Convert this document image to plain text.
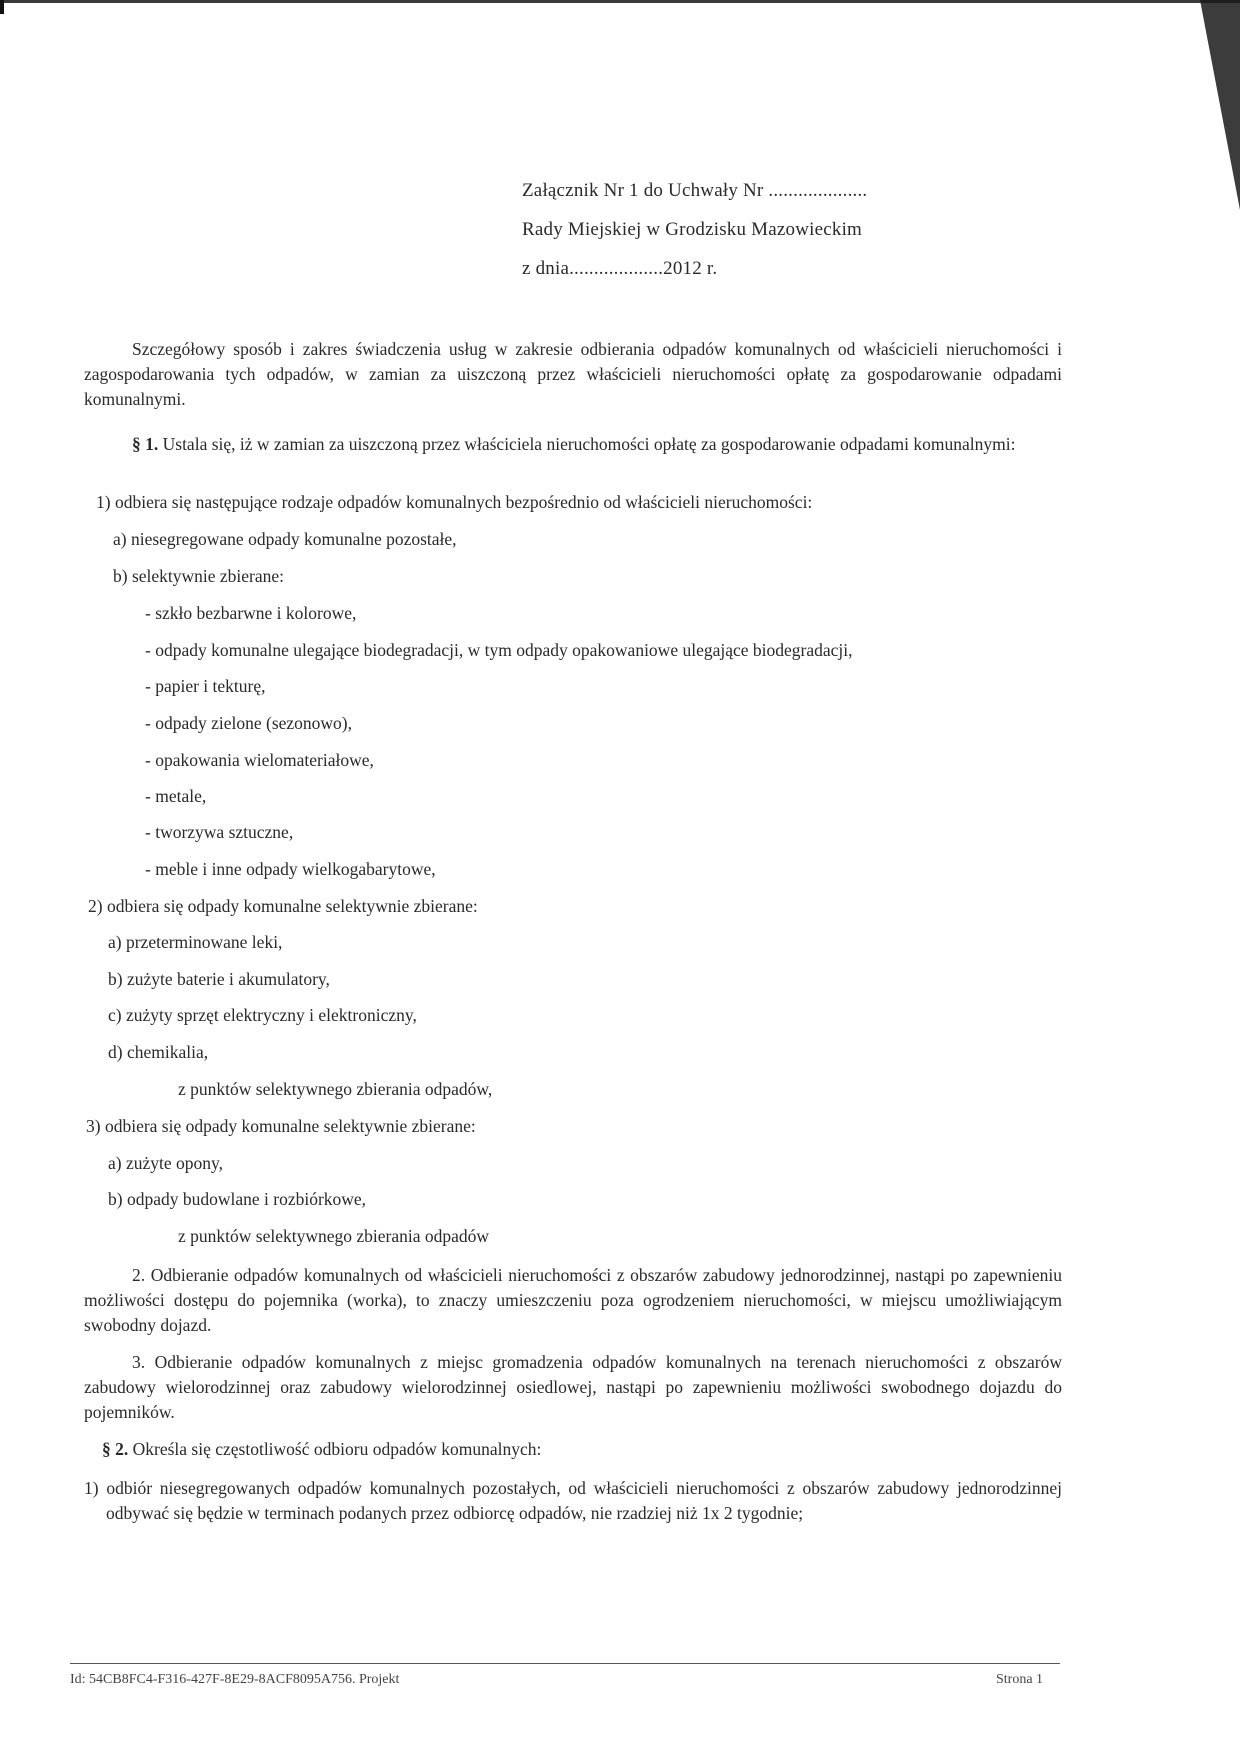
Załącznik Nr 1 do Uchwały Nr ....................
Rady Miejskiej w Grodzisku Mazowieckim
z dnia...................2012 r.
Szczegółowy sposób i zakres świadczenia usług w zakresie odbierania odpadów komunalnych od właścicieli nieruchomości i zagospodarowania tych odpadów, w zamian za uiszczoną przez właścicieli nieruchomości opłatę za gospodarowanie odpadami komunalnymi.
§ 1. Ustala się, iż w zamian za uiszczoną przez właściciela nieruchomości opłatę za gospodarowanie odpadami komunalnymi:
1) odbiera się następujące rodzaje odpadów komunalnych bezpośrednio od właścicieli nieruchomości:
a) niesegregowane odpady komunalne pozostałe,
b) selektywnie zbierane:
- szkło bezbarwne i kolorowe,
- odpady komunalne ulegające biodegradacji, w tym odpady opakowaniowe ulegające biodegradacji,
- papier i tekturę,
- odpady zielone (sezonowo),
- opakowania wielomateriałowe,
- metale,
- tworzywa sztuczne,
- meble i inne odpady wielkogabarytowe,
2) odbiera się odpady komunalne selektywnie zbierane:
a) przeterminowane leki,
b) zużyte baterie i akumulatory,
c) zużyty sprzęt elektryczny i elektroniczny,
d) chemikalia,
z punktów selektywnego zbierania odpadów,
3) odbiera się odpady komunalne selektywnie zbierane:
a) zużyte opony,
b) odpady budowlane i rozbiórkowe,
z punktów selektywnego zbierania odpadów
2. Odbieranie odpadów komunalnych od właścicieli nieruchomości z obszarów zabudowy jednorodzinnej, nastąpi po zapewnieniu możliwości dostępu do pojemnika (worka), to znaczy umieszczeniu poza ogrodzeniem nieruchomości, w miejscu umożliwiającym swobodny dojazd.
3. Odbieranie odpadów komunalnych z miejsc gromadzenia odpadów komunalnych na terenach nieruchomości z obszarów zabudowy wielorodzinnej oraz zabudowy wielorodzinnej osiedlowej, nastąpi po zapewnieniu możliwości swobodnego dojazdu do pojemników.
§ 2. Określa się częstotliwość odbioru odpadów komunalnych:
1) odbiór niesegregowanych odpadów komunalnych pozostałych, od właścicieli nieruchomości z obszarów zabudowy jednorodzinnej odbywać się będzie w terminach podanych przez odbiorcę odpadów, nie rzadziej niż 1x 2 tygodnie;
Id: 54CB8FC4-F316-427F-8E29-8ACF8095A756. Projekt	Strona 1
